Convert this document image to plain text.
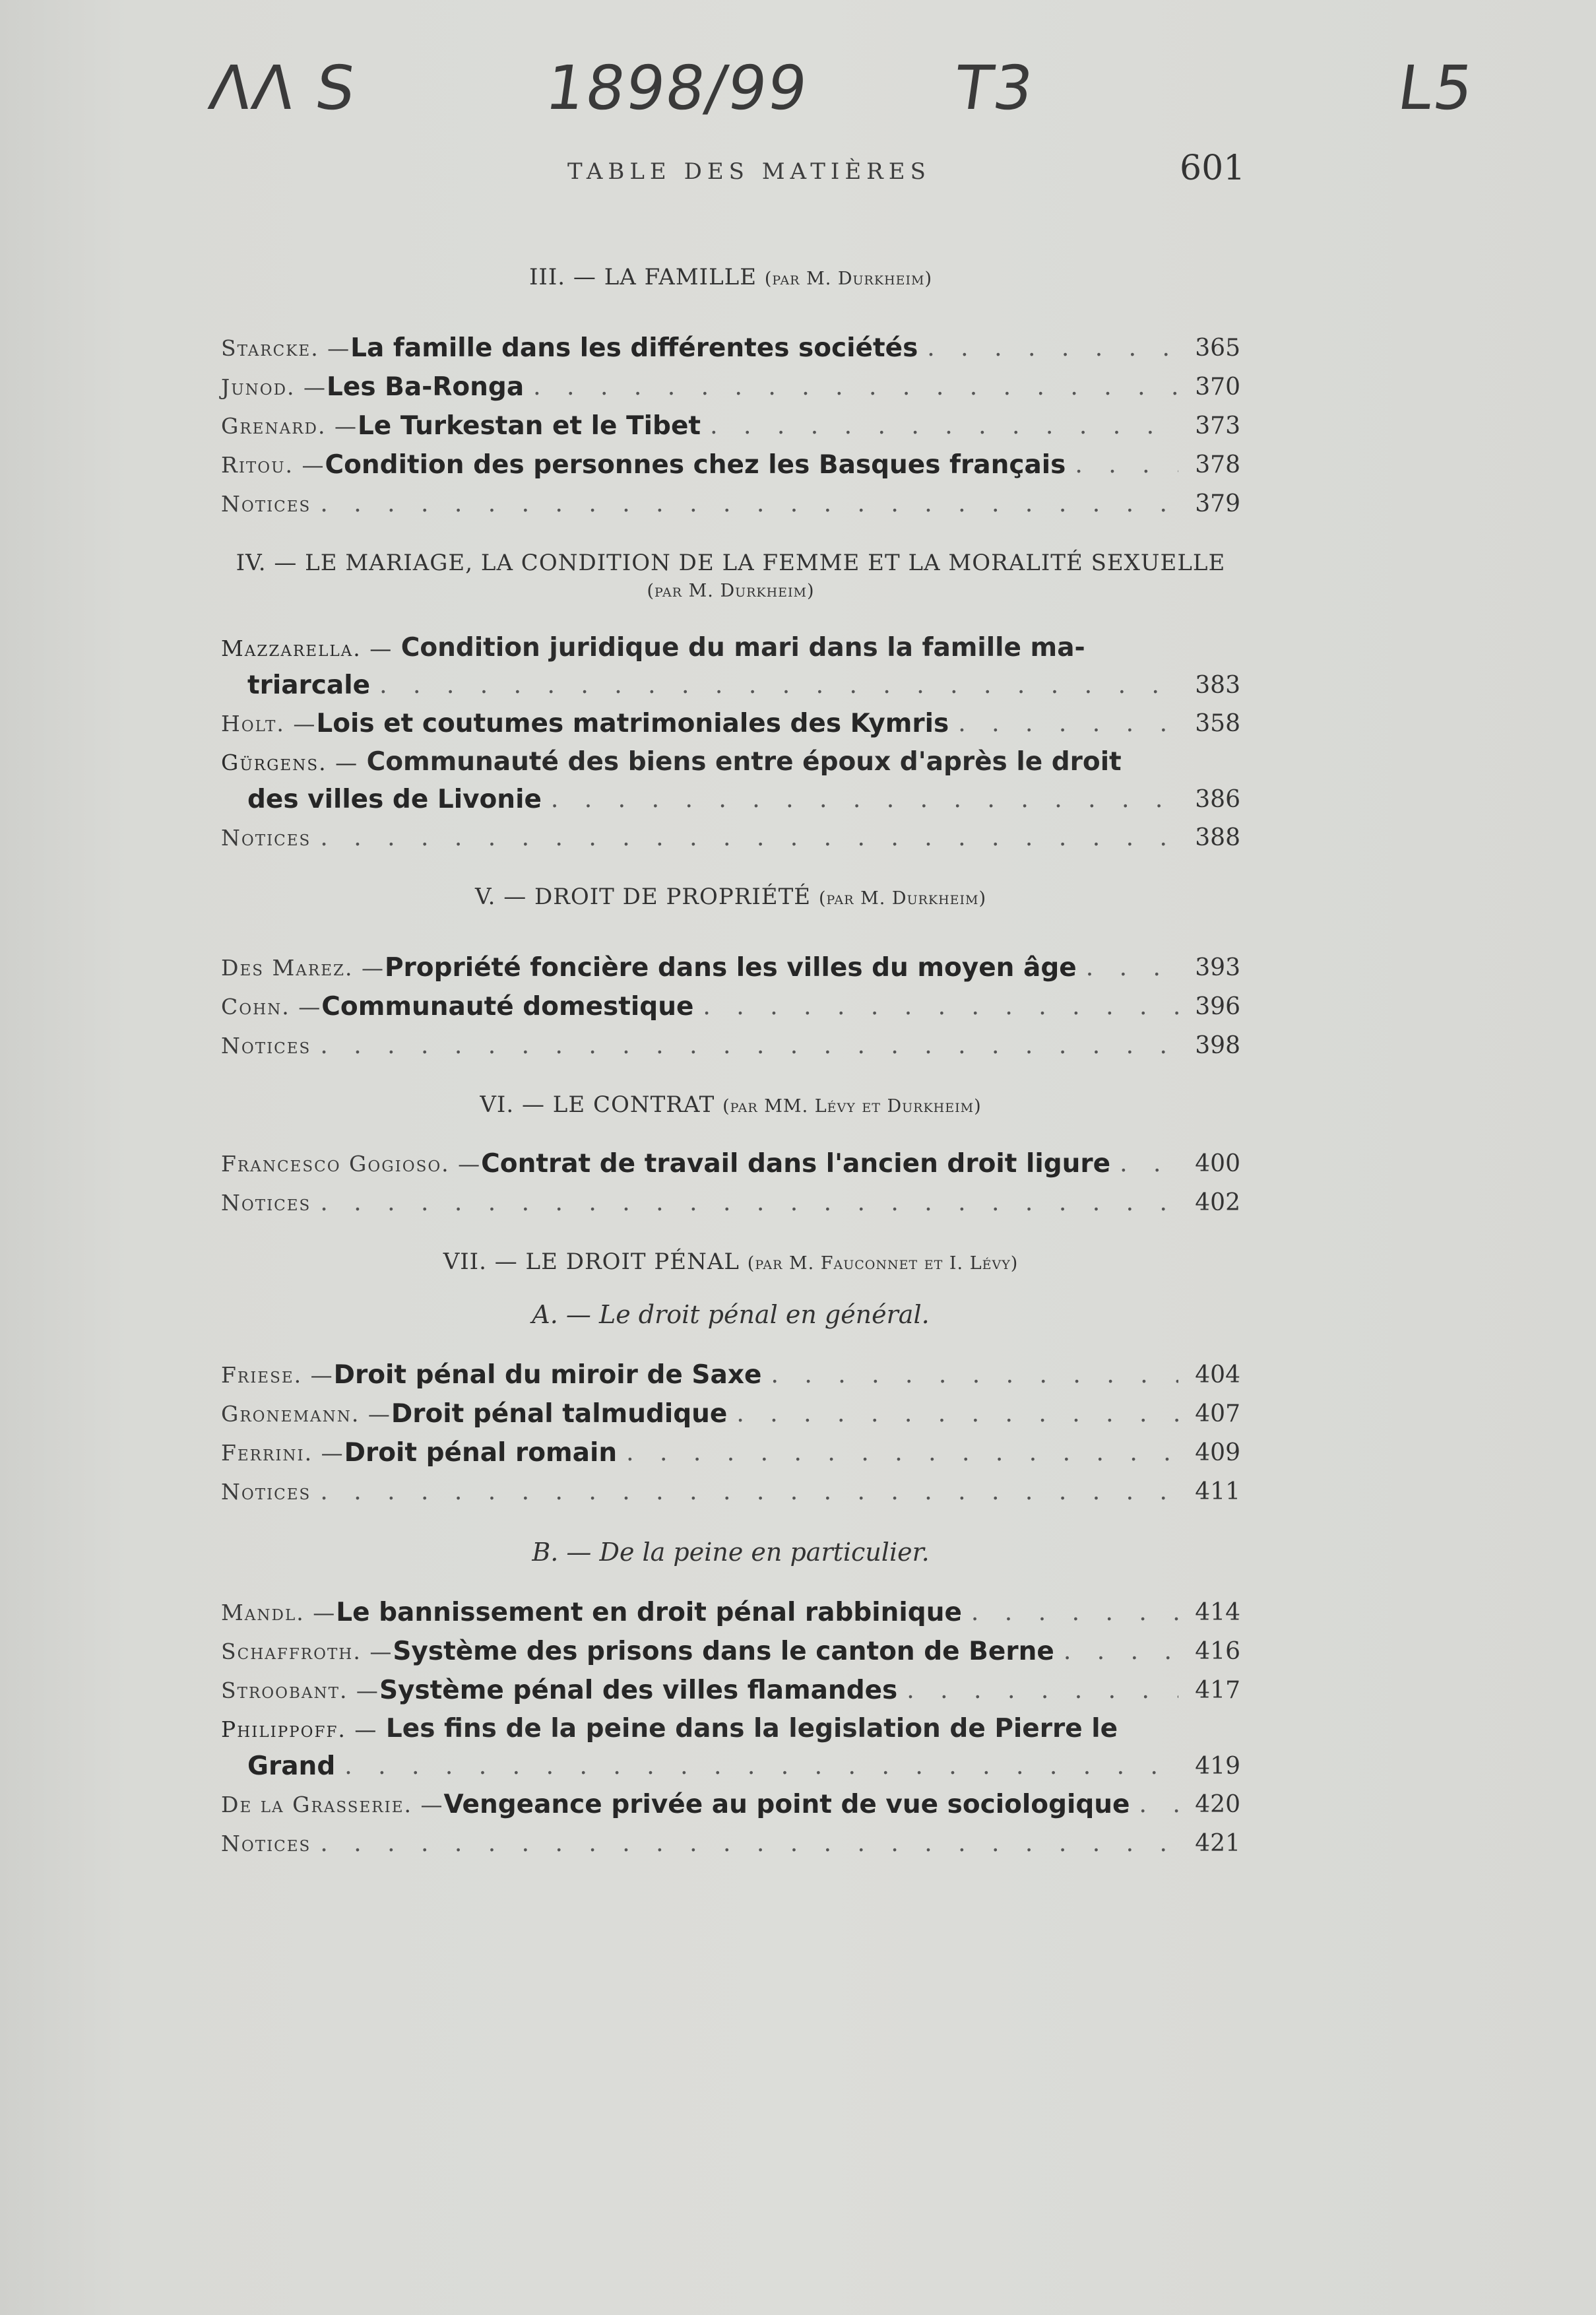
ΛΛ S	1898/99 T3	L5
TABLE DES MATIÈRES	601

III. — LA FAMILLE (par M. Durkheim)

Starcke. — La famille dans les différentes sociétés . . .	365
Junod. — Les Ba-Ronga . . .	370
Grenard. — Le Turkestan et le Tibet . . .	373
Ritou. — Condition des personnes chez les Basques français . . .	378
Notices . . .	379

IV. — LE MARIAGE, LA CONDITION DE LA FEMME ET LA MORALITÉ SEXUELLE
(par M. Durkheim)

Mazzarella. — Condition juridique du mari dans la famille ma-
triarcale . . .	383
Holt. — Lois et coutumes matrimoniales des Kymris . . .	358
Gürgens. — Communauté des biens entre époux d'après le droit
des villes de Livonie . . .	386
Notices . . .	388

V. — DROIT DE PROPRIÉTÉ (par M. Durkheim)

Des Marez. — Propriété foncière dans les villes du moyen âge . . .	393
Cohn. — Communauté domestique . . .	396
Notices . . .	398

VI. — LE CONTRAT (par MM. Lévy et Durkheim)

Francesco Gogioso. — Contrat de travail dans l'ancien droit ligure . . .	400
Notices . . .	402

VII. — LE DROIT PÉNAL (par M. Fauconnet et I. Lévy)

A. — Le droit pénal en général.

Friese. — Droit pénal du miroir de Saxe . . .	404
Gronemann. — Droit pénal talmudique . . .	407
Ferrini. — Droit pénal romain . . .	409
Notices . . .	411

B. — De la peine en particulier.

Mandl. — Le bannissement en droit pénal rabbinique . . .	414
Schaffroth. — Système des prisons dans le canton de Berne . . .	416
Stroobant. — Système pénal des villes flamandes . . .	417
Philippoff. — Les fins de la peine dans la legislation de Pierre le
Grand . . .	419
De la Grasserie. — Vengeance privée au point de vue sociologique . . .	420
Notices . . .	421
